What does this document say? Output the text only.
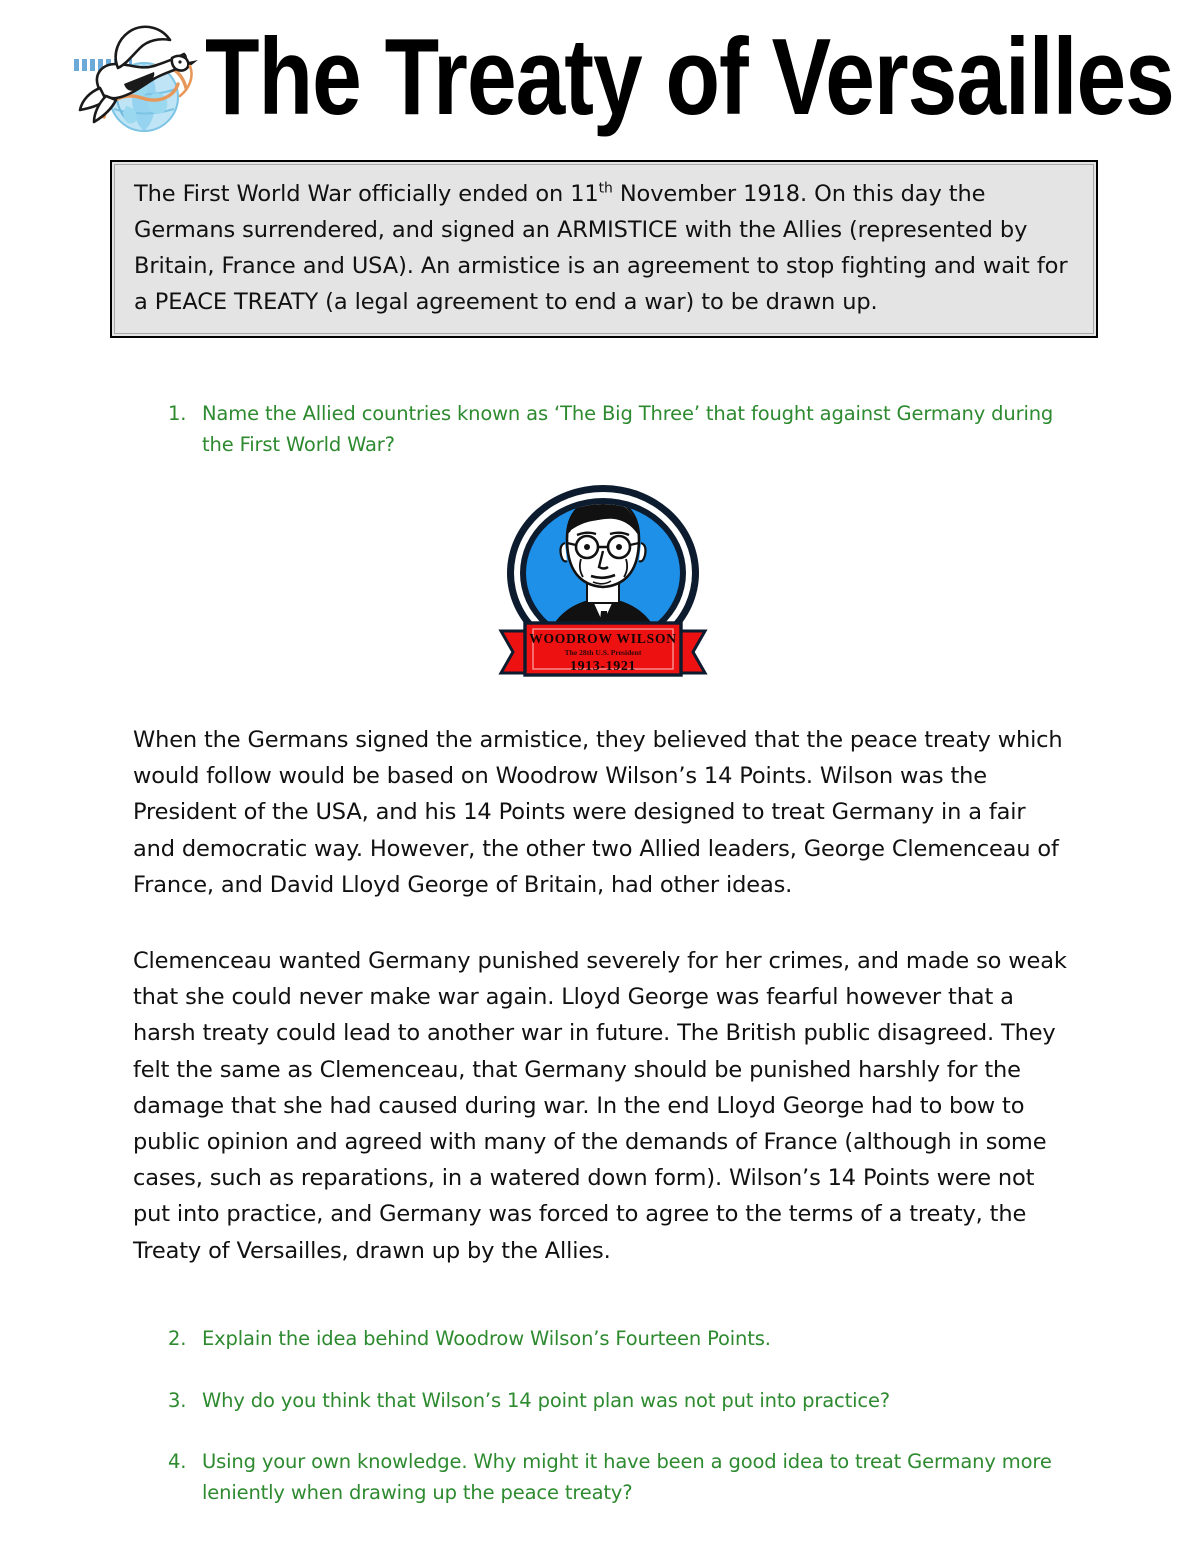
The Treaty of Versailles

The First World War officially ended on 11th November 1918. On this day the Germans surrendered, and signed an ARMISTICE with the Allies (represented by Britain, France and USA). An armistice is an agreement to stop fighting and wait for a PEACE TREATY (a legal agreement to end a war) to be drawn up.

1. Name the Allied countries known as ‘The Big Three’ that fought against Germany during the First World War?
WOODROW WILSON
The 28th U.S. President
1913-1921

When the Germans signed the armistice, they believed that the peace treaty which would follow would be based on Woodrow Wilson’s 14 Points. Wilson was the President of the USA, and his 14 Points were designed to treat Germany in a fair and democratic way. However, the other two Allied leaders, George Clemenceau of France, and David Lloyd George of Britain, had other ideas.

Clemenceau wanted Germany punished severely for her crimes, and made so weak that she could never make war again. Lloyd George was fearful however that a harsh treaty could lead to another war in future. The British public disagreed. They felt the same as Clemenceau, that Germany should be punished harshly for the damage that she had caused during war. In the end Lloyd George had to bow to public opinion and agreed with many of the demands of France (although in some cases, such as reparations, in a watered down form). Wilson’s 14 Points were not put into practice, and Germany was forced to agree to the terms of a treaty, the Treaty of Versailles, drawn up by the Allies.

2. Explain the idea behind Woodrow Wilson’s Fourteen Points.
3. Why do you think that Wilson’s 14 point plan was not put into practice?
4. Using your own knowledge. Why might it have been a good idea to treat Germany more leniently when drawing up the peace treaty?
